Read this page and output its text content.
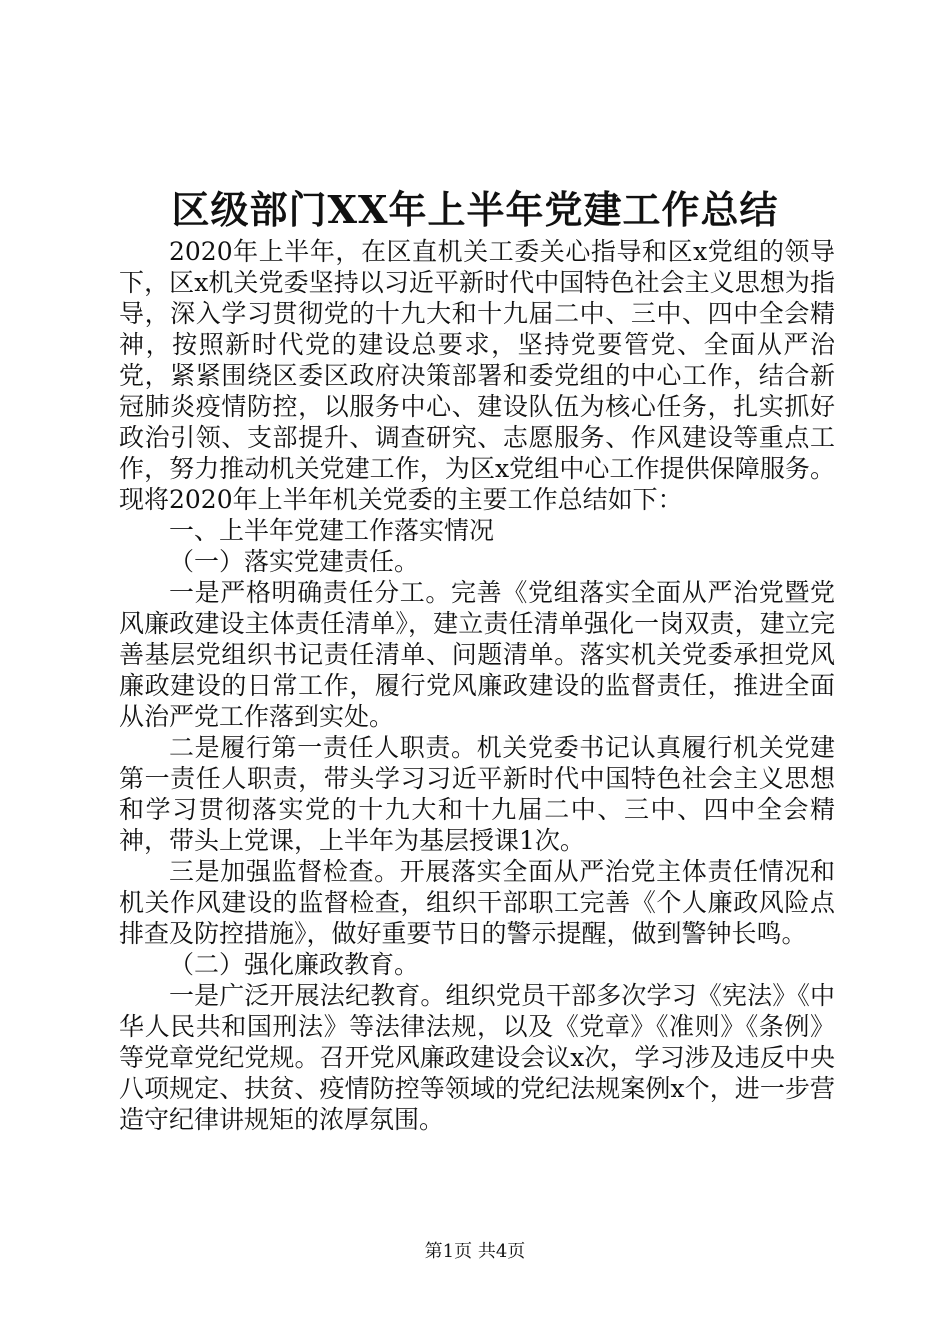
区级部门XX年上半年党建工作总结

2020年上半年，在区直机关工委关心指导和区x党组的领导下，区x机关党委坚持以习近平新时代中国特色社会主义思想为指导，深入学习贯彻党的十九大和十九届二中、三中、四中全会精神，按照新时代党的建设总要求，坚持党要管党、全面从严治党，紧紧围绕区委区政府决策部署和委党组的中心工作，结合新冠肺炎疫情防控，以服务中心、建设队伍为核心任务，扎实抓好政治引领、支部提升、调查研究、志愿服务、作风建设等重点工作，努力推动机关党建工作，为区x党组中心工作提供保障服务。现将2020年上半年机关党委的主要工作总结如下：

一、上半年党建工作落实情况

（一）落实党建责任。

一是严格明确责任分工。完善《党组落实全面从严治党暨党风廉政建设主体责任清单》，建立责任清单强化一岗双责，建立完善基层党组织书记责任清单、问题清单。落实机关党委承担党风廉政建设的日常工作，履行党风廉政建设的监督责任，推进全面从治严党工作落到实处。

二是履行第一责任人职责。机关党委书记认真履行机关党建第一责任人职责，带头学习习近平新时代中国特色社会主义思想和学习贯彻落实党的十九大和十九届二中、三中、四中全会精神，带头上党课，上半年为基层授课1次。

三是加强监督检查。开展落实全面从严治党主体责任情况和机关作风建设的监督检查，组织干部职工完善《个人廉政风险点排查及防控措施》，做好重要节日的警示提醒，做到警钟长鸣。

（二）强化廉政教育。

一是广泛开展法纪教育。组织党员干部多次学习《宪法》《中华人民共和国刑法》等法律法规，以及《党章》《准则》《条例》等党章党纪党规。召开党风廉政建设会议x次，学习涉及违反中央八项规定、扶贫、疫情防控等领域的党纪法规案例x个，进一步营造守纪律讲规矩的浓厚氛围。

第1页 共4页
